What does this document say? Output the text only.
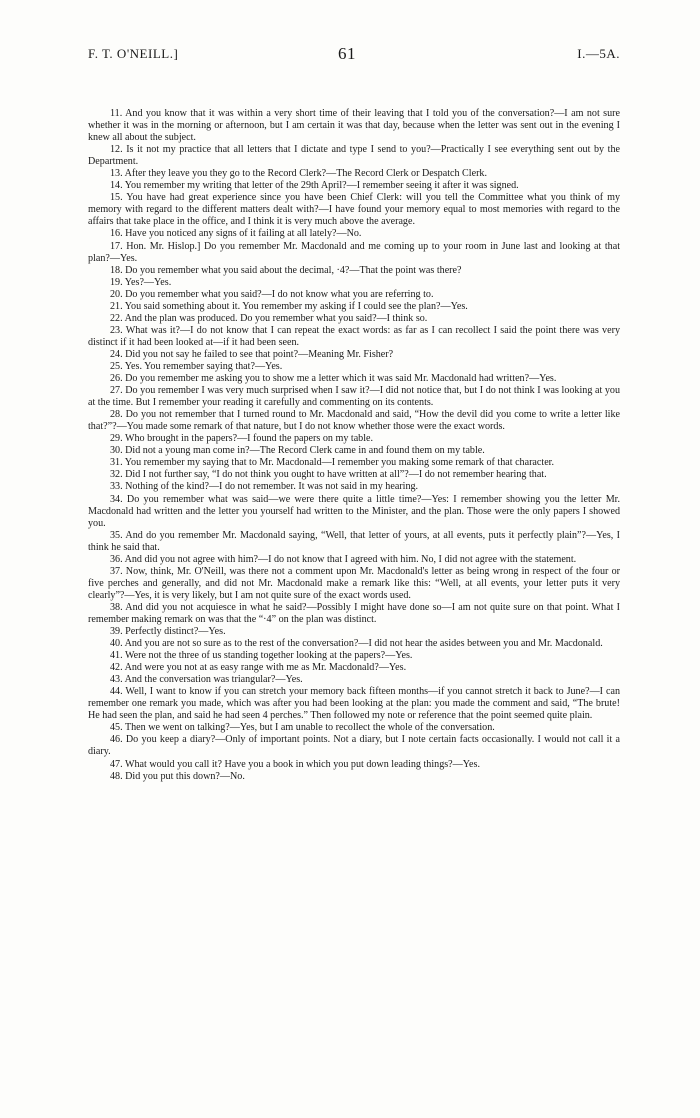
F. T. O'NEILL.]	61	I.—5A.

11. And you know that it was within a very short time of their leaving that I told you of the conversation?—I am not sure whether it was in the morning or afternoon, but I am certain it was that day, because when the letter was sent out in the evening I knew all about the subject.

12. Is it not my practice that all letters that I dictate and type I send to you?—Practically I see everything sent out by the Department.

13. After they leave you they go to the Record Clerk?—The Record Clerk or Despatch Clerk.

14. You remember my writing that letter of the 29th April?—I remember seeing it after it was signed.

15. You have had great experience since you have been Chief Clerk: will you tell the Committee what you think of my memory with regard to the different matters dealt with?—I have found your memory equal to most memories with regard to the affairs that take place in the office, and I think it is very much above the average.

16. Have you noticed any signs of it failing at all lately?—No.

17. Hon. Mr. Hislop.] Do you remember Mr. Macdonald and me coming up to your room in June last and looking at that plan?—Yes.

18. Do you remember what you said about the decimal, ·4?—That the point was there?

19. Yes?—Yes.

20. Do you remember what you said?—I do not know what you are referring to.

21. You said something about it. You remember my asking if I could see the plan?—Yes.

22. And the plan was produced. Do you remember what you said?—I think so.

23. What was it?—I do not know that I can repeat the exact words: as far as I can recollect I said the point there was very distinct if it had been looked at—if it had been seen.

24. Did you not say he failed to see that point?—Meaning Mr. Fisher?

25. Yes. You remember saying that?—Yes.

26. Do you remember me asking you to show me a letter which it was said Mr. Macdonald had written?—Yes.

27. Do you remember I was very much surprised when I saw it?—I did not notice that, but I do not think I was looking at you at the time. But I remember your reading it carefully and commenting on its contents.

28. Do you not remember that I turned round to Mr. Macdonald and said, “How the devil did you come to write a letter like that?”?—You made some remark of that nature, but I do not know whether those were the exact words.

29. Who brought in the papers?—I found the papers on my table.

30. Did not a young man come in?—The Record Clerk came in and found them on my table.

31. You remember my saying that to Mr. Macdonald—I remember you making some remark of that character.

32. Did I not further say, “I do not think you ought to have written at all”?—I do not remember hearing that.

33. Nothing of the kind?—I do not remember. It was not said in my hearing.

34. Do you remember what was said—we were there quite a little time?—Yes: I remember showing you the letter Mr. Macdonald had written and the letter you yourself had written to the Minister, and the plan. Those were the only papers I showed you.

35. And do you remember Mr. Macdonald saying, “Well, that letter of yours, at all events, puts it perfectly plain”?—Yes, I think he said that.

36. And did you not agree with him?—I do not know that I agreed with him. No, I did not agree with the statement.

37. Now, think, Mr. O'Neill, was there not a comment upon Mr. Macdonald's letter as being wrong in respect of the four or five perches and generally, and did not Mr. Macdonald make a remark like this: “Well, at all events, your letter puts it very clearly”?—Yes, it is very likely, but I am not quite sure of the exact words used.

38. And did you not acquiesce in what he said?—Possibly I might have done so—I am not quite sure on that point. What I remember making remark on was that the “·4” on the plan was distinct.

39. Perfectly distinct?—Yes.

40. And you are not so sure as to the rest of the conversation?—I did not hear the asides between you and Mr. Macdonald.

41. Were not the three of us standing together looking at the papers?—Yes.

42. And were you not at as easy range with me as Mr. Macdonald?—Yes.

43. And the conversation was triangular?—Yes.

44. Well, I want to know if you can stretch your memory back fifteen months—if you cannot stretch it back to June?—I can remember one remark you made, which was after you had been looking at the plan: you made the comment and said, “The brute! He had seen the plan, and said he had seen 4 perches.” Then followed my note or reference that the point seemed quite plain.

45. Then we went on talking?—Yes, but I am unable to recollect the whole of the conversation.

46. Do you keep a diary?—Only of important points. Not a diary, but I note certain facts occasionally. I would not call it a diary.

47. What would you call it? Have you a book in which you put down leading things?—Yes.

48. Did you put this down?—No.
